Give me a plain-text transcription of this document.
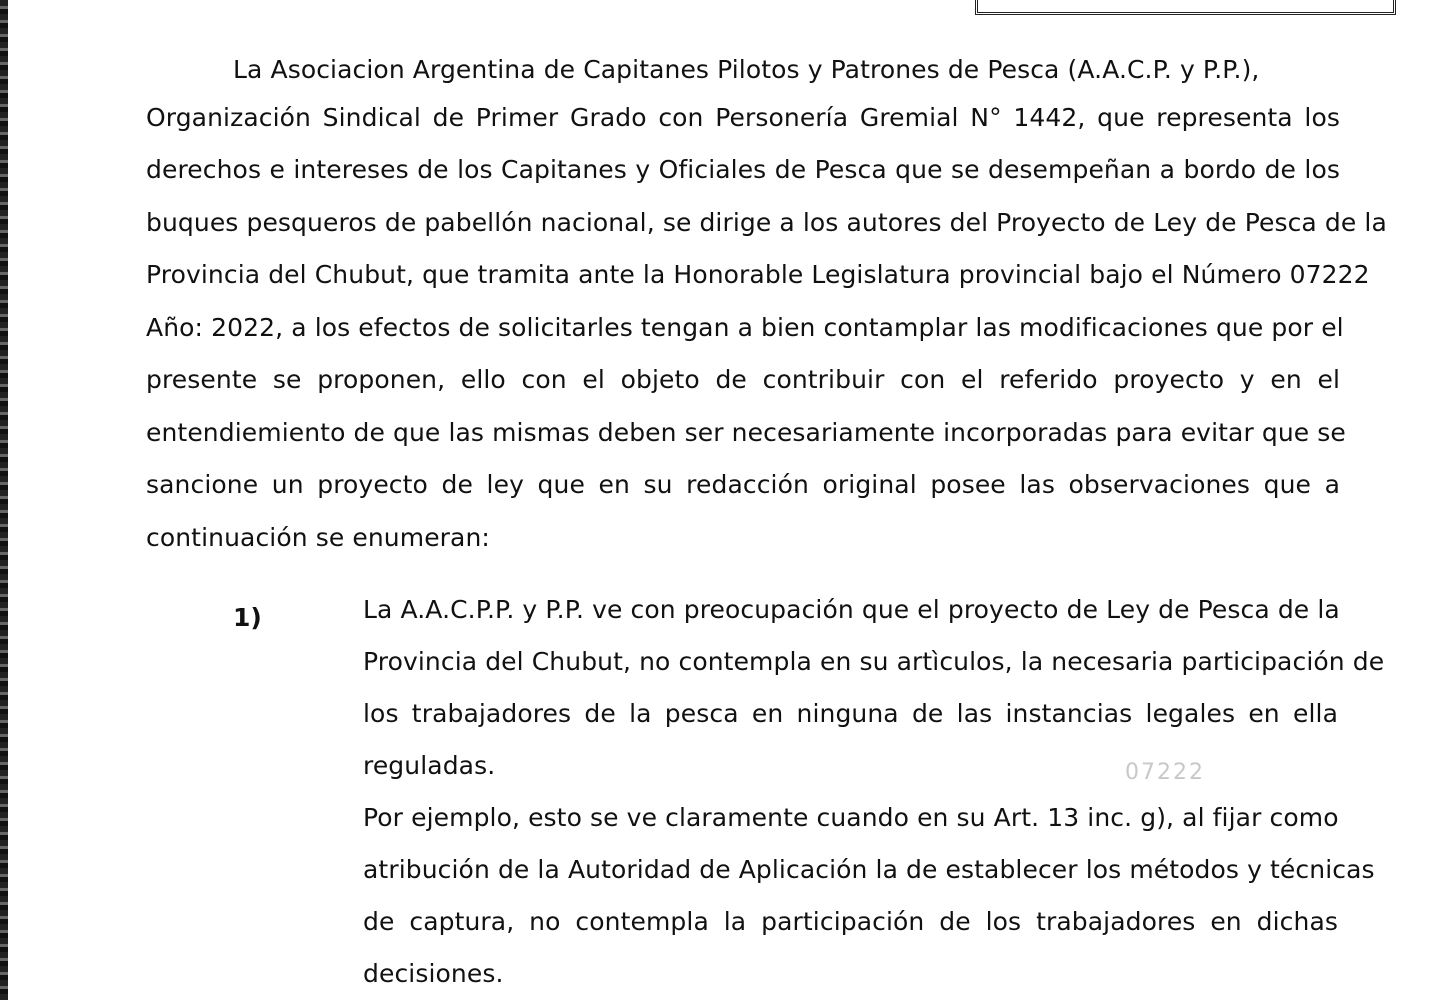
La Asociacion Argentina de Capitanes Pilotos y Patrones de Pesca (A.A.C.P. y P.P.),
Organización Sindical de Primer Grado con Personería Gremial N° 1442, que representa los
derechos e intereses de los Capitanes y Oficiales de Pesca que se desempeñan a bordo de los
buques pesqueros de pabellón nacional, se dirige a los autores del Proyecto de Ley de Pesca de la
Provincia del Chubut, que tramita ante la Honorable Legislatura provincial bajo el Número 07222
Año: 2022, a los efectos de solicitarles tengan a bien contamplar las modificaciones que por el
presente se proponen, ello con el objeto de contribuir con el referido proyecto y en el
entendiemiento de que las mismas deben ser necesariamente incorporadas para evitar que se
sancione un proyecto de ley que en su redacción original posee las observaciones que a
continuación se enumeran:
1)	La A.A.C.P.P. y P.P. ve con preocupación que el proyecto de Ley de Pesca de la
Provincia del Chubut, no contempla en su artìculos, la necesaria participación de
los trabajadores de la pesca en ninguna de las instancias legales en ella
reguladas.
Por ejemplo, esto se ve claramente cuando en su Art. 13 inc. g), al fijar como
atribución de la Autoridad de Aplicación la de establecer los métodos y técnicas
de captura, no contempla la participación de los trabajadores en dichas
decisiones.
07222
